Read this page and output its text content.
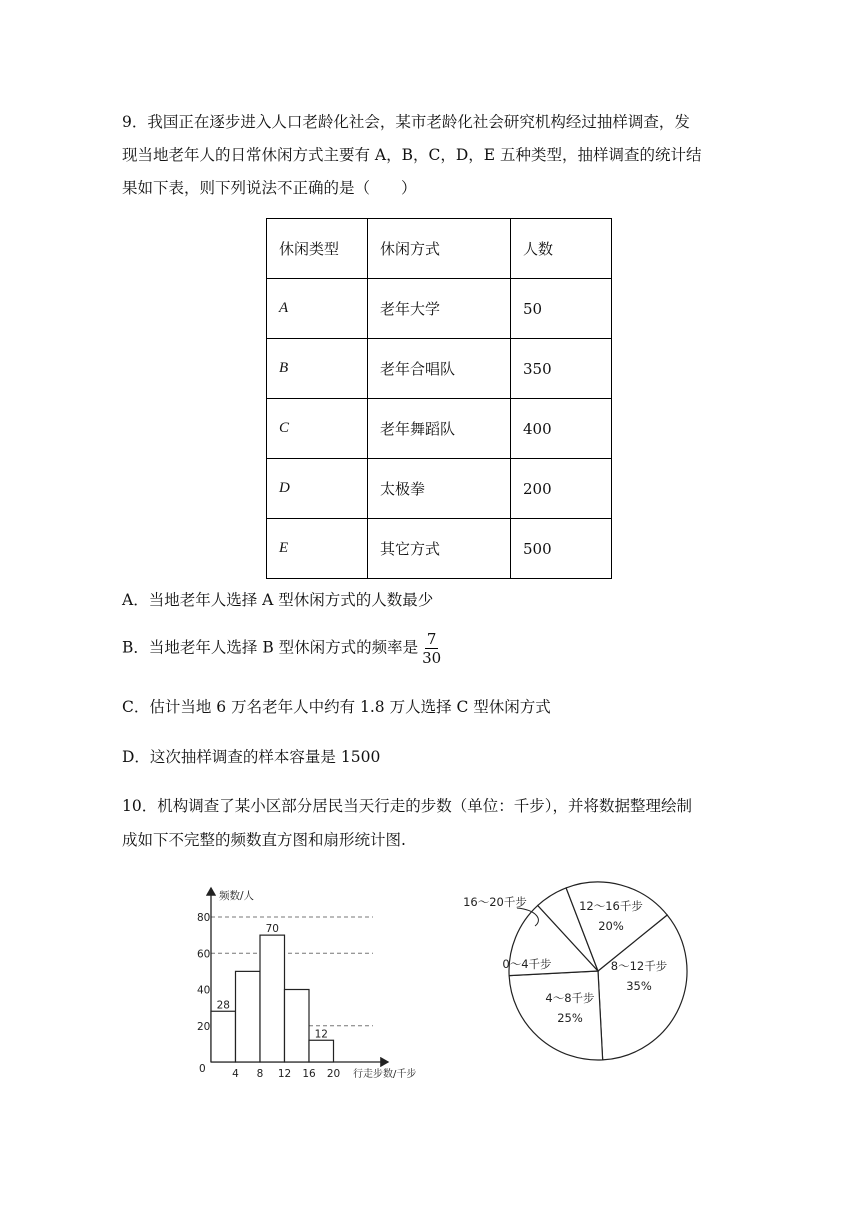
9．我国正在逐步进入人口老龄化社会，某市老龄化社会研究机构经过抽样调查，发
现当地老年人的日常休闲方式主要有 A，B，C，D，E 五种类型，抽样调查的统计结
果如下表，则下列说法不正确的是（　　）
休闲类型	休闲方式	人数
A	老年大学	50
B	老年合唱队	350
C	老年舞蹈队	400
D	太极拳	200
E	其它方式	500
A．当地老年人选择 A 型休闲方式的人数最少
B．当地老年人选择 B 型休闲方式的频率是 $\frac{7}{30}$
C．估计当地 6 万名老年人中约有 1.8 万人选择 C 型休闲方式
D．这次抽样调查的样本容量是 1500
10．机构调查了某小区部分居民当天行走的步数（单位：千步），并将数据整理绘制
成如下不完整的频数直方图和扇形统计图.
28
70
12
频数/人
行走步数/千步
0
20
40
60
80
4 8 12 16 20
8～12千步
35%
4～8千步
25%
0～4千步
16～20千步	12～16千步
20%
